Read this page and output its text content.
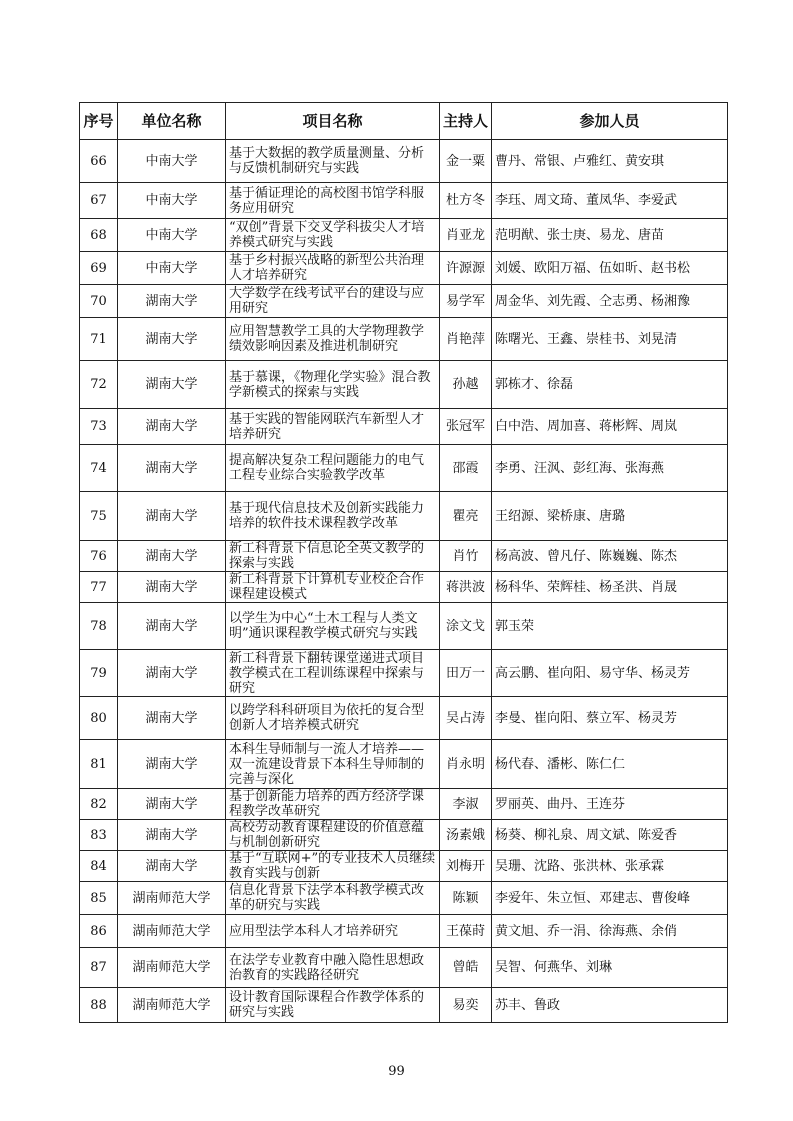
序号	单位名称	项目名称	主持人	参加人员
66	中南大学	基于大数据的教学质量测量、分析与反馈机制研究与实践	金一粟	曹丹、常银、卢雅红、黄安琪
67	中南大学	基于循证理论的高校图书馆学科服务应用研究	杜方冬	李珏、周文琦、董凤华、李爱武
68	中南大学	“双创”背景下交叉学科拔尖人才培养模式研究与实践	肖亚龙	范明猷、张士庚、易龙、唐苗
69	中南大学	基于乡村振兴战略的新型公共治理人才培养研究	许源源	刘媛、欧阳万福、伍如昕、赵书松
70	湖南大学	大学数学在线考试平台的建设与应用研究	易学军	周金华、刘先霞、仝志勇、杨湘豫
71	湖南大学	应用智慧教学工具的大学物理教学绩效影响因素及推进机制研究	肖艳萍	陈曙光、王鑫、崇桂书、刘晃清
72	湖南大学	基于慕课，《物理化学实验》混合教学新模式的探索与实践	孙越	郭栋才、徐磊
73	湖南大学	基于实践的智能网联汽车新型人才培养研究	张冠军	白中浩、周加喜、蒋彬辉、周岚
74	湖南大学	提高解决复杂工程问题能力的电气工程专业综合实验教学改革	邵霞	李勇、汪沨、彭红海、张海燕
75	湖南大学	基于现代信息技术及创新实践能力培养的软件技术课程教学改革	瞿亮	王绍源、梁桥康、唐璐
76	湖南大学	新工科背景下信息论全英文教学的探索与实践	肖竹	杨高波、曾凡仔、陈巍巍、陈杰
77	湖南大学	新工科背景下计算机专业校企合作课程建设模式	蒋洪波	杨科华、荣辉桂、杨圣洪、肖晟
78	湖南大学	以学生为中心“土木工程与人类文明”通识课程教学模式研究与实践	涂文戈	郭玉荣
79	湖南大学	新工科背景下翻转课堂递进式项目教学模式在工程训练课程中探索与研究	田万一	高云鹏、崔向阳、易守华、杨灵芳
80	湖南大学	以跨学科科研项目为依托的复合型创新人才培养模式研究	吴占涛	李曼、崔向阳、蔡立军、杨灵芳
81	湖南大学	本科生导师制与一流人才培养——双一流建设背景下本科生导师制的完善与深化	肖永明	杨代春、潘彬、陈仁仁
82	湖南大学	基于创新能力培养的西方经济学课程教学改革研究	李淑	罗丽英、曲丹、王连芬
83	湖南大学	高校劳动教育课程建设的价值意蕴与机制创新研究	汤素娥	杨葵、柳礼泉、周文斌、陈爱香
84	湖南大学	基于“互联网+”的专业技术人员继续教育实践与创新	刘梅开	吴珊、沈路、张洪林、张承霖
85	湖南师范大学	信息化背景下法学本科教学模式改革的研究与实践	陈颖	李爱年、朱立恒、邓建志、曹俊峰
86	湖南师范大学	应用型法学本科人才培养研究	王葆莳	黄文旭、乔一涓、徐海燕、余俏
87	湖南师范大学	在法学专业教育中融入隐性思想政治教育的实践路径研究	曾皓	吴智、何燕华、刘琳
88	湖南师范大学	设计教育国际课程合作教学体系的研究与实践	易奕	苏丰、鲁政
99
